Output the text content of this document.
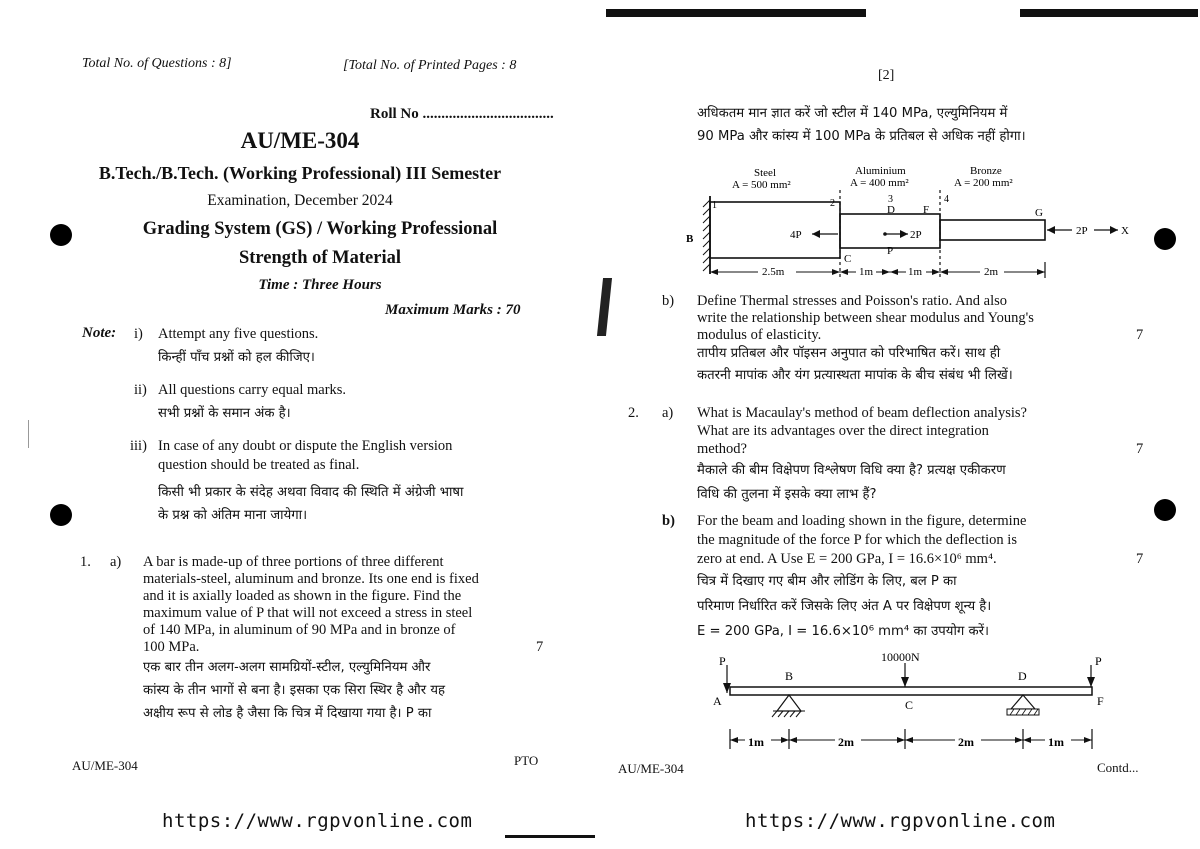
Total No. of Questions : 8]	[Total No. of Printed Pages : 8
Roll No ...................................
AU/ME-304
B.Tech./B.Tech. (Working Professional) III Semester
Examination, December 2024
Grading System (GS) / Working Professional
Strength of Material
Time : Three Hours
Maximum Marks : 70
Note: i) Attempt any five questions.
किन्हीं पाँच प्रश्नों को हल कीजिए।
ii) All questions carry equal marks.
सभी प्रश्नों के समान अंक है।
iii) In case of any doubt or dispute the English version
question should be treated as final.
किसी भी प्रकार के संदेह अथवा विवाद की स्थिति में अंग्रेजी भाषा
के प्रश्न को अंतिम माना जायेगा।
1. a) A bar is made-up of three portions of three different
materials-steel, aluminum and bronze. Its one end is fixed
and it is axially loaded as shown in the figure. Find the
maximum value of P that will not exceed a stress in steel
of 140 MPa, in aluminum of 90 MPa and in bronze of
100 MPa.	7
एक बार तीन अलग-अलग सामग्रियों-स्टील, एल्युमिनियम और
कांस्य के तीन भागों से बना है। इसका एक सिरा स्थिर है और यह
अक्षीय रूप से लोड है जैसा कि चित्र में दिखाया गया है। P का
AU/ME-304	PTO
https://www.rgpvonline.com
[2]
अधिकतम मान ज्ञात करें जो स्टील में 140 MPa, एल्युमिनियम में
90 MPa और कांस्य में 100 MPa के प्रतिबल से अधिक नहीं होगा।
Steel
A = 500 mm²
Aluminium
A = 400 mm²
Bronze
A = 200 mm²
1	2	3	4
B
C
D	F	G
P
4P	2P	2P	X
2.5m	1m	1m	2m
b) Define Thermal stresses and Poisson's ratio. And also
write the relationship between shear modulus and Young's
modulus of elasticity.	7
तापीय प्रतिबल और पॉइसन अनुपात को परिभाषित करें। साथ ही
कतरनी मापांक और यंग प्रत्यास्थता मापांक के बीच संबंध भी लिखें।
2. a) What is Macaulay's method of beam deflection analysis?
What are its advantages over the direct integration
method?	7
मैकाले की बीम विक्षेपण विश्लेषण विधि क्या है? प्रत्यक्ष एकीकरण
विधि की तुलना में इसके क्या लाभ हैं?
b) For the beam and loading shown in the figure, determine
the magnitude of the force P for which the deflection is
zero at end. A Use E = 200 GPa, I = 16.6×10⁶ mm⁴.	7
चित्र में दिखाए गए बीम और लोडिंग के लिए, बल P का
परिमाण निर्धारित करें जिसके लिए अंत A पर विक्षेपण शून्य है।
E = 200 GPa, I = 16.6×10⁶ mm⁴ का उपयोग करें।
P	P
10000N
A
B
C
D
F
1m	2m	2m	1m
AU/ME-304	Contd...
https://www.rgpvonline.com
